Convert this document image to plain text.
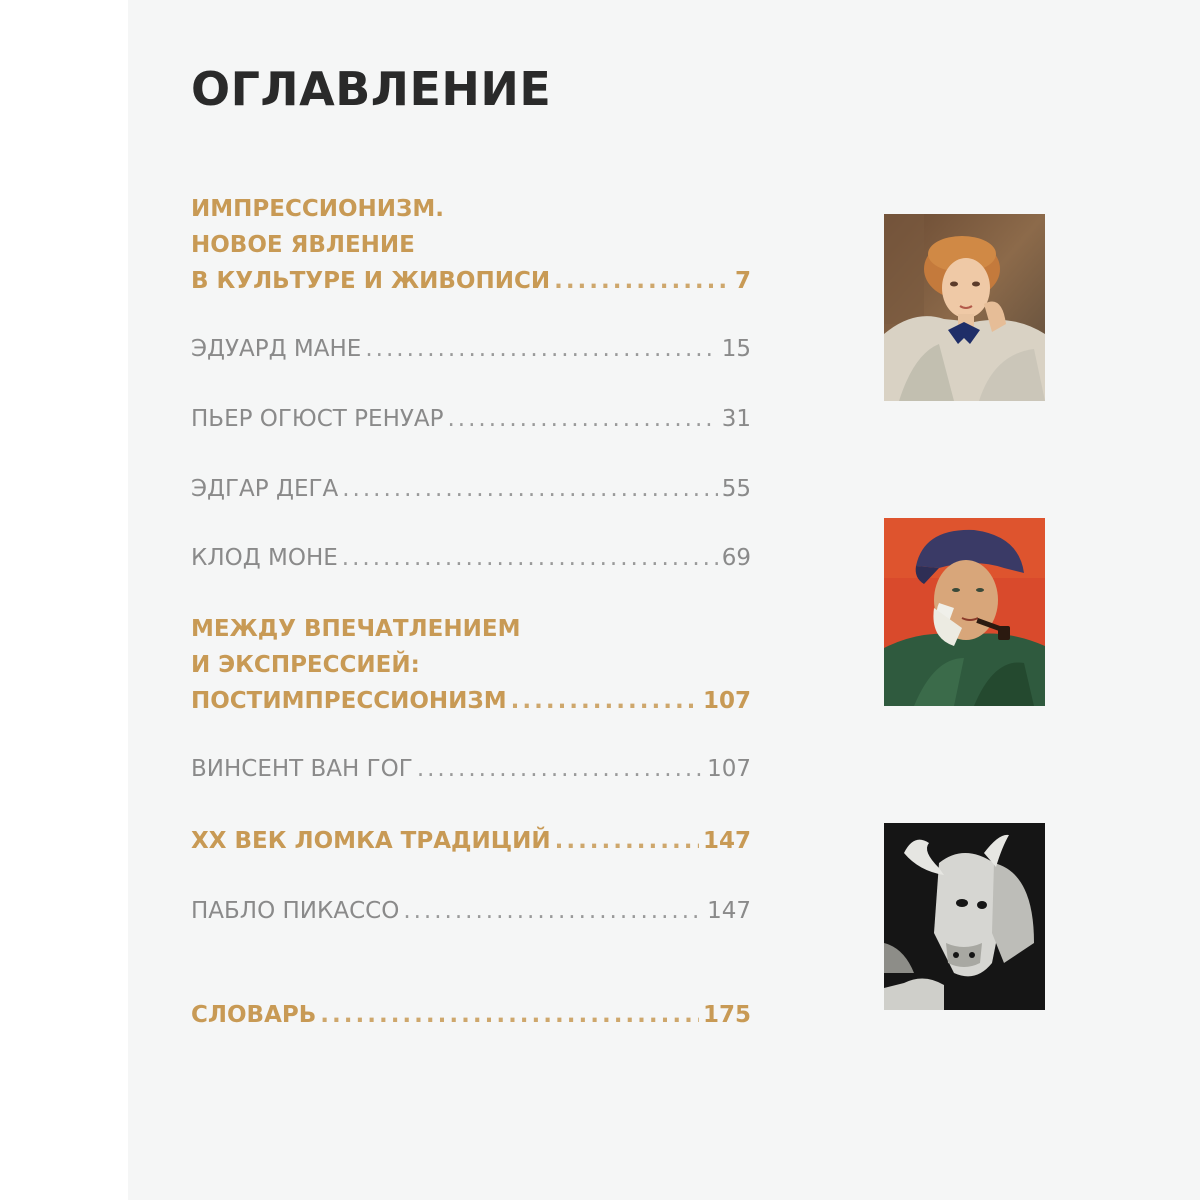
ОГЛАВЛЕНИЕ
ИМПРЕССИОНИЗМ.
НОВОЕ ЯВЛЕНИЕ
В КУЛЬТУРЕ И ЖИВОПИСИ .....	7
ЭДУАРД МАНЕ .....	15
ПЬЕР ОГЮСТ РЕНУАР .....	31
ЭДГАР ДЕГА .....	55
КЛОД МОНЕ .....	69
МЕЖДУ ВПЕЧАТЛЕНИЕМ
И ЭКСПРЕССИЕЙ:
ПОСТИМПРЕССИОНИЗМ .....	107
ВИНСЕНТ ВАН ГОГ .....	107
XX ВЕК ЛОМКА ТРАДИЦИЙ .....	147
ПАБЛО ПИКАССО .....	147
СЛОВАРЬ .....	175
